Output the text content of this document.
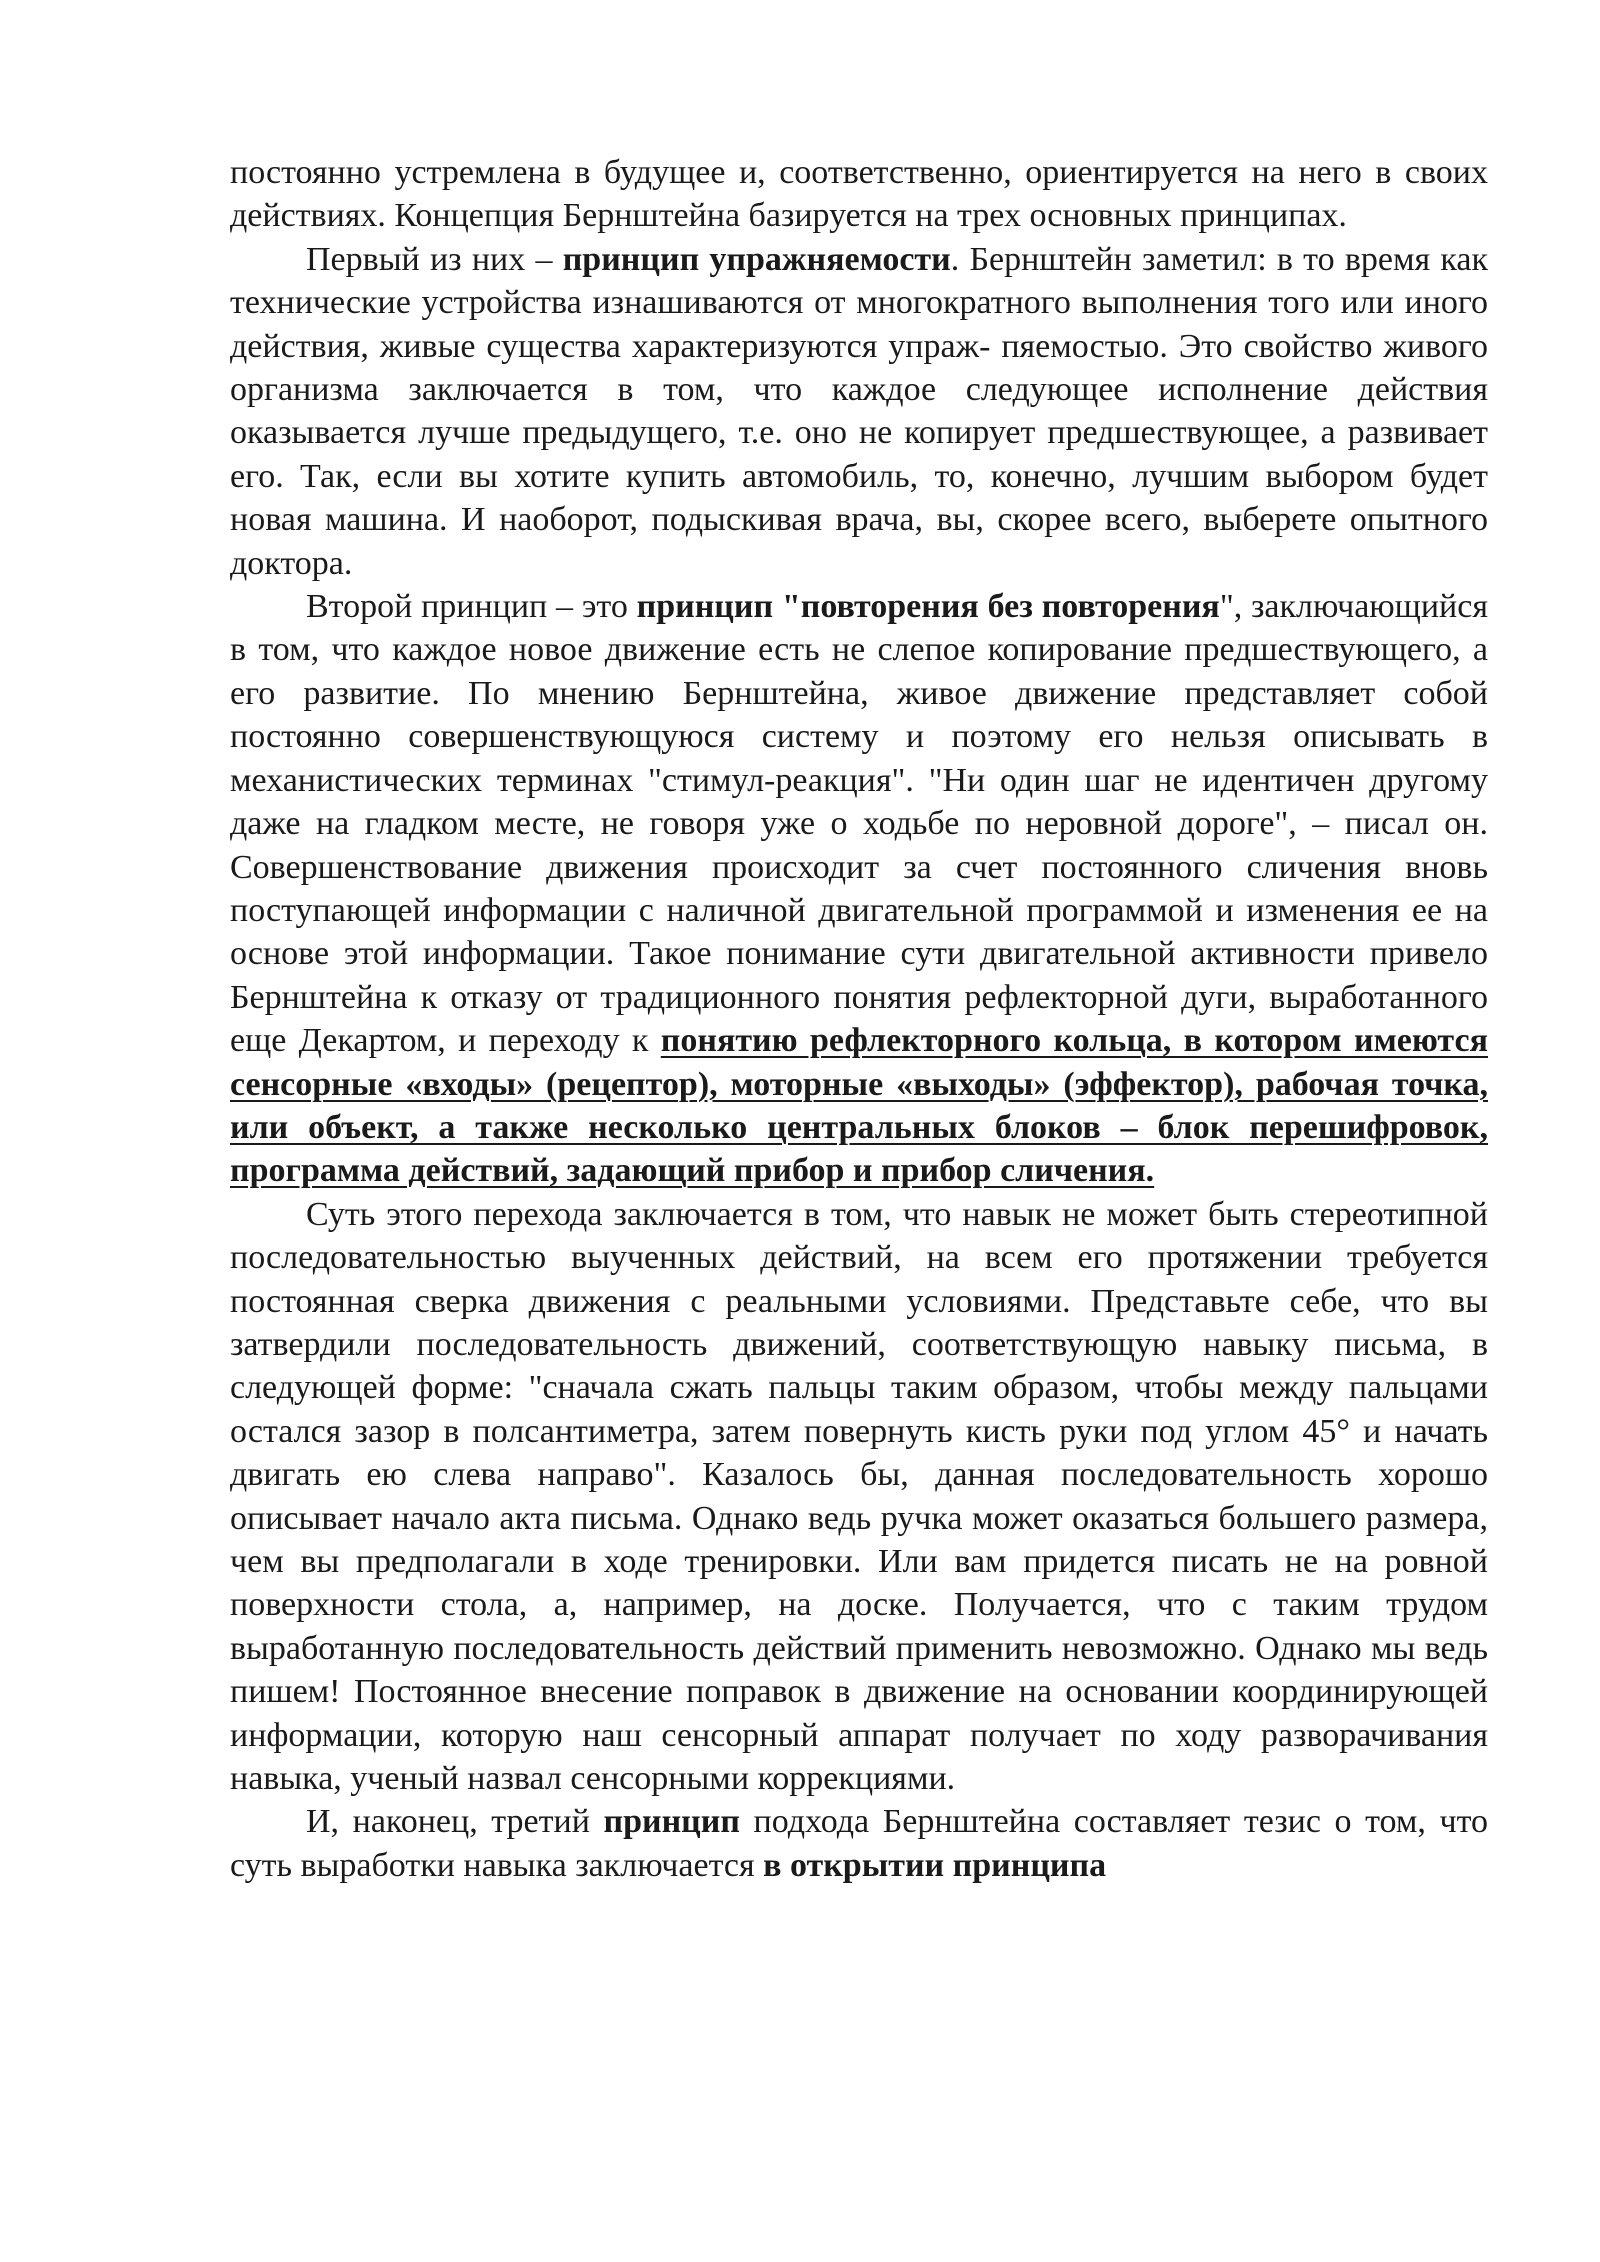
постоянно устремлена в будущее и, соответственно, ориентируется на него в своих действиях. Концепция Бернштейна базируется на трех основных принципах.

Первый из них – принцип упражняемости. Бернштейн заметил: в то время как технические устройства изнашиваются от многократного выполнения того или иного действия, живые существа характеризуются упраж- пяемостыо. Это свойство живого организма заключается в том, что каждое следующее исполнение действия оказывается лучше предыдущего, т.е. оно не копирует предшествующее, а развивает его. Так, если вы хотите купить автомобиль, то, конечно, лучшим выбором будет новая машина. И наоборот, подыскивая врача, вы, скорее всего, выберете опытного доктора.

Второй принцип – это принцип "повторения без повторения", заключающийся в том, что каждое новое движение есть не слепое копирование предшествующего, а его развитие. По мнению Бернштейна, живое движение представляет собой постоянно совершенствующуюся систему и поэтому его нельзя описывать в механистических терминах "стимул-реакция". "Ни один шаг не идентичен другому даже на гладком месте, не говоря уже о ходьбе по неровной дороге", – писал он. Совершенствование движения происходит за счет постоянного сличения вновь поступающей информации с наличной двигательной программой и изменения ее на основе этой информации. Такое понимание сути двигательной активности привело Бернштейна к отказу от традиционного понятия рефлекторной дуги, выработанного еще Декартом, и переходу к понятию рефлекторного кольца, в котором имеются сенсорные «входы» (рецептор), моторные «выходы» (эффектор), рабочая точка, или объект, а также несколько центральных блоков – блок перешифровок, программа действий, задающий прибор и прибор сличения.

Суть этого перехода заключается в том, что навык не может быть стереотипной последовательностью выученных действий, на всем его протяжении требуется постоянная сверка движения с реальными условиями. Представьте себе, что вы затвердили последовательность движений, соответствующую навыку письма, в следующей форме: "сначала сжать пальцы таким образом, чтобы между пальцами остался зазор в полсантиметра, затем повернуть кисть руки под углом 45° и начать двигать ею слева направо". Казалось бы, данная последовательность хорошо описывает начало акта письма. Однако ведь ручка может оказаться большего размера, чем вы предполагали в ходе тренировки. Или вам придется писать не на ровной поверхности стола, а, например, на доске. Получается, что с таким трудом выработанную последовательность действий применить невозможно. Однако мы ведь пишем! Постоянное внесение поправок в движение на основании координирующей информации, которую наш сенсорный аппарат получает по ходу разворачивания навыка, ученый назвал сенсорными коррекциями.

И, наконец, третий принцип подхода Бернштейна составляет тезис о том, что суть выработки навыка заключается в открытии принципа
